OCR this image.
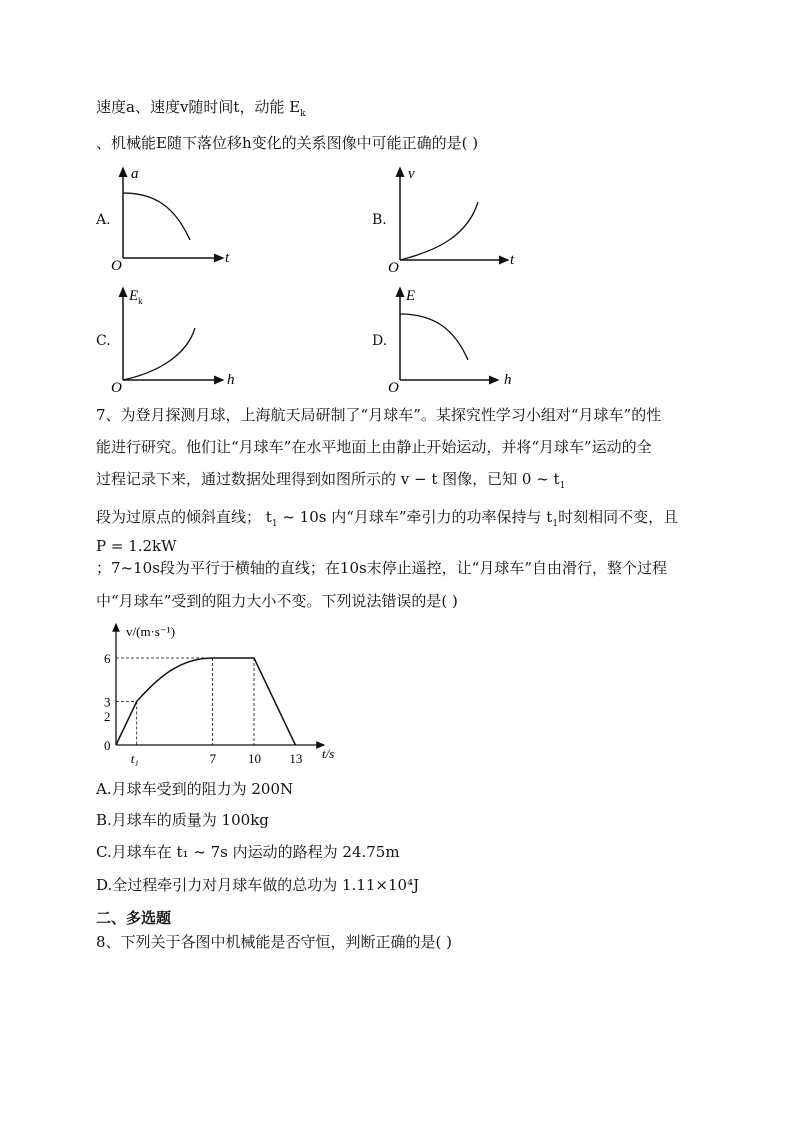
速度a、速度v随时间t，动能 $E_k$
、机械能E随下落位移h变化的关系图像中可能正确的是( )
A.
a
t
O
B.
v
t
O
C.
$E_k$
h
O
D.
E
h
O
7、为登月探测月球，上海航天局研制了“月球车”。某探究性学习小组对“月球车”的性
能进行研究。他们让“月球车”在水平地面上由静止开始运动，并将“月球车”运动的全
过程记录下来，通过数据处理得到如图所示的 v − t 图像，已知 0 ~ $t_1$
段为过原点的倾斜直线； $t_1$ ~ 10s 内“月球车”牵引力的功率保持与 $t_1$时刻相同不变，且
P = 1.2kW
；7~10s段为平行于横轴的直线；在10s末停止遥控，让“月球车”自由滑行，整个过程
中“月球车”受到的阻力大小不变。下列说法错误的是( )
v/(m·s⁻¹)
t/s
0
2
3
6
t₁	7 10 13
A.月球车受到的阻力为 200N
B.月球车的质量为 100kg
C.月球车在 t₁ ~ 7s 内运动的路程为 24.75m
D.全过程牵引力对月球车做的总功为 1.11×10⁴J
二、多选题
8、下列关于各图中机械能是否守恒，判断正确的是( )
